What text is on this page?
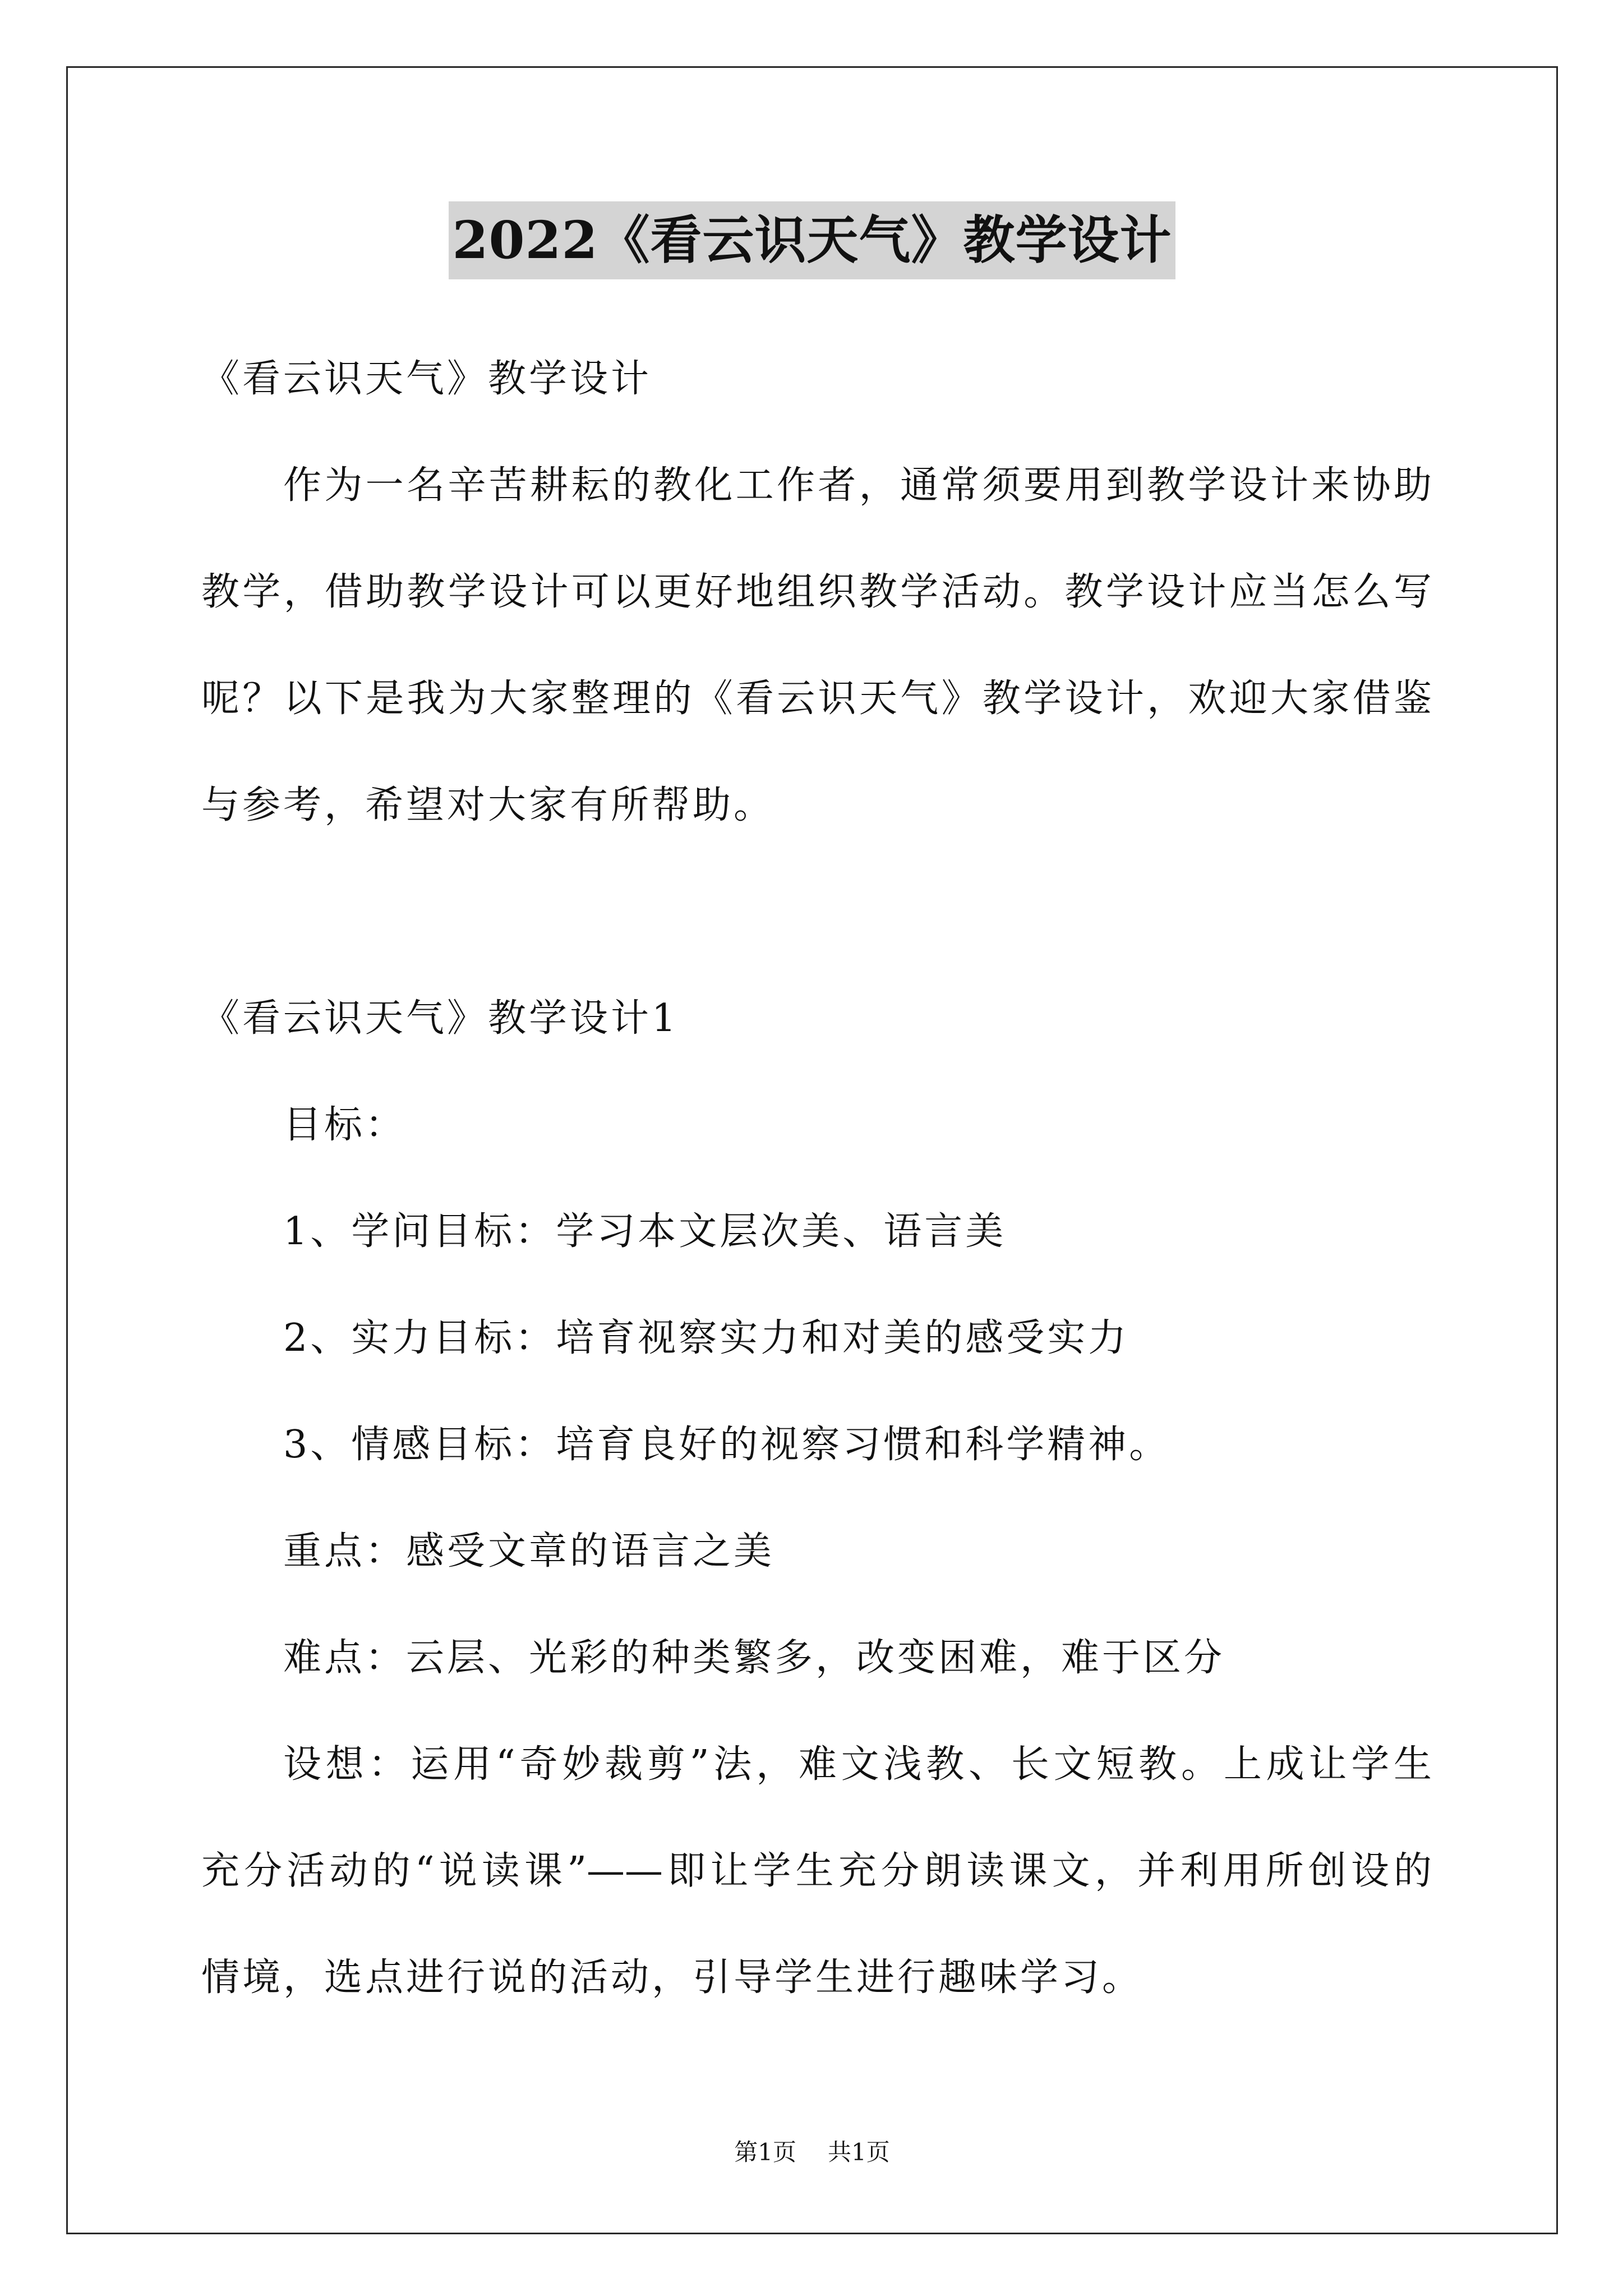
2022《看云识天气》教学设计
《看云识天气》教学设计
作为一名辛苦耕耘的教化工作者，通常须要用到教学设计来协助
教学，借助教学设计可以更好地组织教学活动。教学设计应当怎么写
呢？以下是我为大家整理的《看云识天气》教学设计，欢迎大家借鉴
与参考，希望对大家有所帮助。
《看云识天气》教学设计1
目标：
1、学问目标：学习本文层次美、语言美
2、实力目标：培育视察实力和对美的感受实力
3、情感目标：培育良好的视察习惯和科学精神。
重点：感受文章的语言之美
难点：云层、光彩的种类繁多，改变困难，难于区分
设想：运用“奇妙裁剪”法，难文浅教、长文短教。上成让学生
充分活动的“说读课”——即让学生充分朗读课文，并利用所创设的
情境，选点进行说的活动，引导学生进行趣味学习。
第1页 共1页
